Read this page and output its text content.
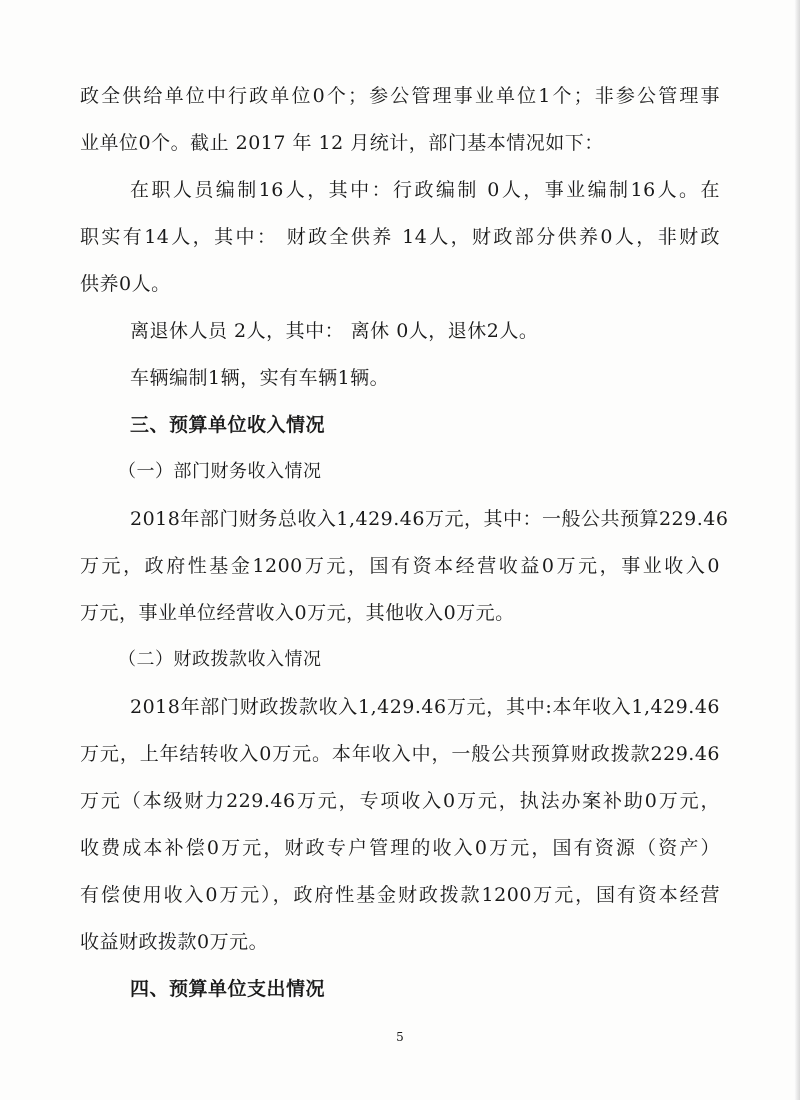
政全供给单位中行政单位0个；参公管理事业单位1个；非参公管理事
业单位0个。截止 2017 年 12 月统计，部门基本情况如下：
在职人员编制16人，其中：行政编制 0人，事业编制16人。在
职实有14人，其中： 财政全供养 14人，财政部分供养0人，非财政
供养0人。
离退休人员 2人，其中： 离休 0人，退休2人。
车辆编制1辆，实有车辆1辆。
三、预算单位收入情况
（一）部门财务收入情况
2018年部门财务总收入1,429.46万元，其中：一般公共预算229.46
万元，政府性基金1200万元，国有资本经营收益0万元，事业收入0
万元，事业单位经营收入0万元，其他收入0万元。
（二）财政拨款收入情况
2018年部门财政拨款收入1,429.46万元，其中:本年收入1,429.46
万元，上年结转收入0万元。本年收入中，一般公共预算财政拨款229.46
万元（本级财力229.46万元，专项收入0万元，执法办案补助0万元，
收费成本补偿0万元，财政专户管理的收入0万元，国有资源（资产）
有偿使用收入0万元），政府性基金财政拨款1200万元，国有资本经营
收益财政拨款0万元。
四、预算单位支出情况
5
